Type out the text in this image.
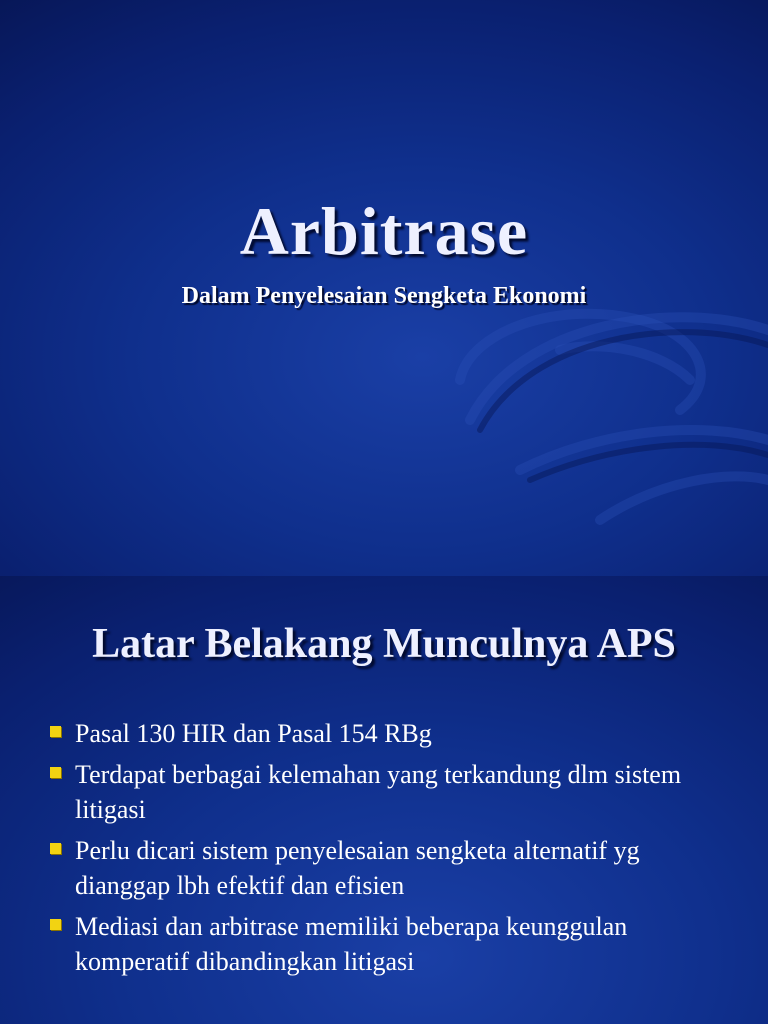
Arbitrase
Dalam Penyelesaian Sengketa Ekonomi
Latar Belakang Munculnya APS
Pasal 130 HIR dan Pasal 154 RBg
Terdapat berbagai kelemahan yang terkandung dlm sistem litigasi
Perlu dicari sistem penyelesaian sengketa alternatif yg dianggap lbh efektif dan efisien
Mediasi dan arbitrase memiliki beberapa keunggulan komperatif dibandingkan litigasi
